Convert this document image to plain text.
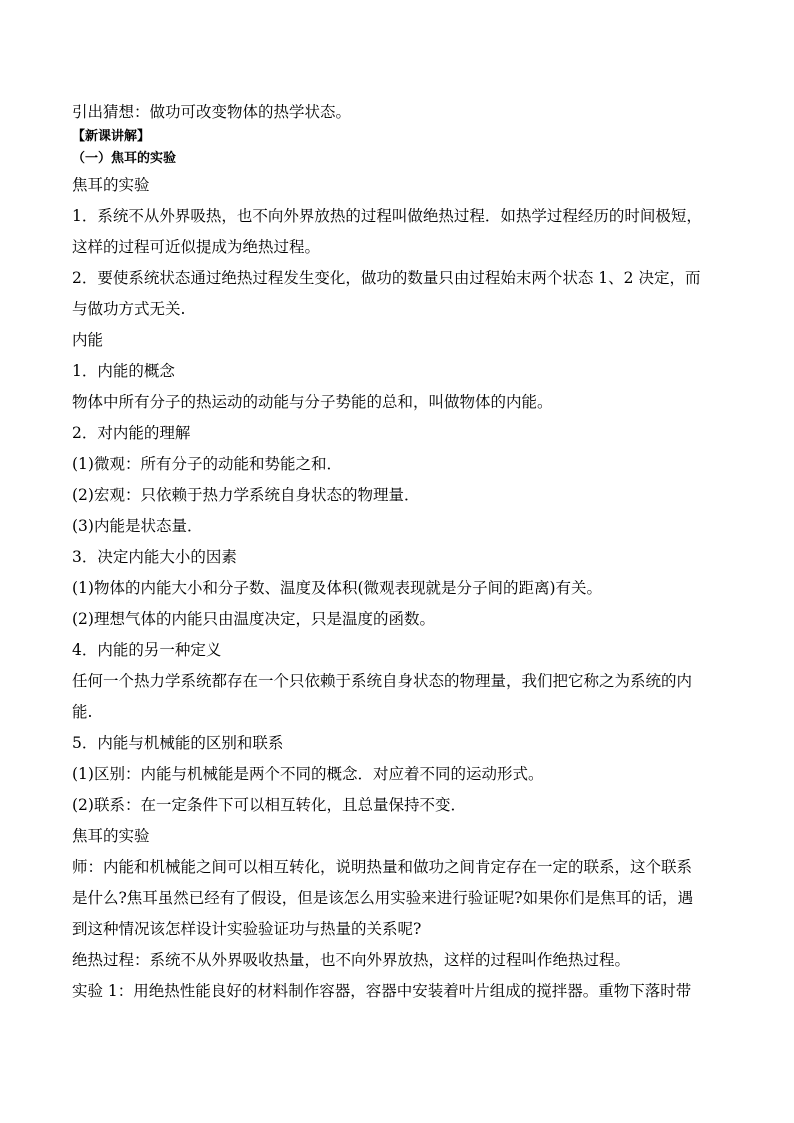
引出猜想：做功可改变物体的热学状态。
【新课讲解】
（一）焦耳的实验
焦耳的实验
1．系统不从外界吸热，也不向外界放热的过程叫做绝热过程．如热学过程经历的时间极短，
这样的过程可近似提成为绝热过程。
2．要使系统状态通过绝热过程发生变化，做功的数量只由过程始末两个状态 1、2 决定，而
与做功方式无关.
内能
1．内能的概念
物体中所有分子的热运动的动能与分子势能的总和，叫做物体的内能。
2．对内能的理解
(1)微观：所有分子的动能和势能之和．
(2)宏观：只依赖于热力学系统自身状态的物理量．
(3)内能是状态量．
3．决定内能大小的因素
(1)物体的内能大小和分子数、温度及体积(微观表现就是分子间的距离)有关。
(2)理想气体的内能只由温度决定，只是温度的函数。
4．内能的另一种定义
任何一个热力学系统都存在一个只依赖于系统自身状态的物理量，我们把它称之为系统的内
能.
5．内能与机械能的区别和联系
(1)区别：内能与机械能是两个不同的概念．对应着不同的运动形式。
(2)联系：在一定条件下可以相互转化，且总量保持不变．
焦耳的实验
师：内能和机械能之间可以相互转化，说明热量和做功之间肯定存在一定的联系，这个联系
是什么?焦耳虽然已经有了假设，但是该怎么用实验来进行验证呢?如果你们是焦耳的话，遇
到这种情况该怎样设计实验验证功与热量的关系呢?
绝热过程：系统不从外界吸收热量，也不向外界放热，这样的过程叫作绝热过程。
实验 1：用绝热性能良好的材料制作容器，容器中安装着叶片组成的搅拌器。重物下落时带
